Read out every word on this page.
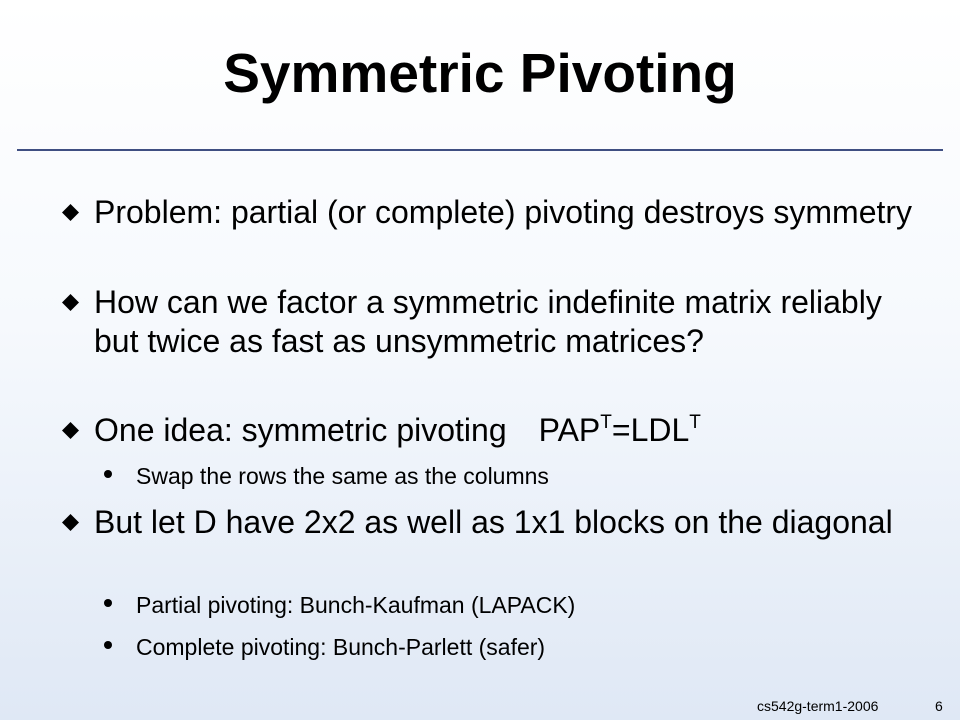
Symmetric Pivoting
Problem: partial (or complete) pivoting destroys symmetry
How can we factor a symmetric indefinite matrix reliably but twice as fast as unsymmetric matrices?
One idea: symmetric pivoting $PAP^T=LDL^T$
Swap the rows the same as the columns
But let D have 2x2 as well as 1x1 blocks on the diagonal
Partial pivoting: Bunch-Kaufman (LAPACK)
Complete pivoting: Bunch-Parlett (safer)
cs542g-term1-2006	6
